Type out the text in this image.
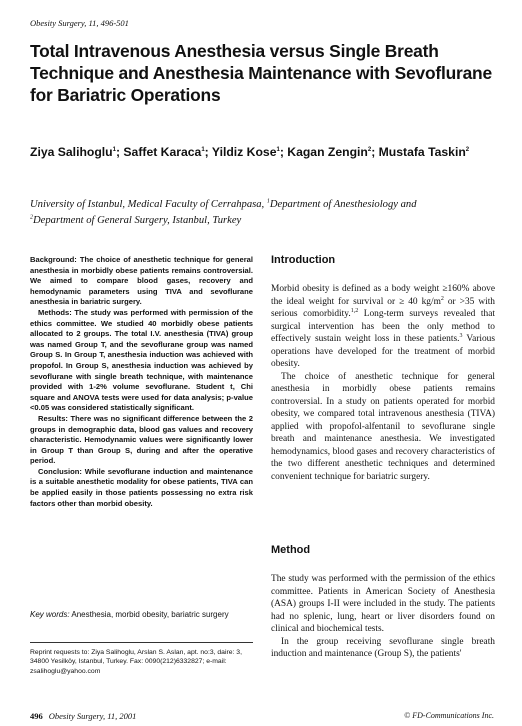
Obesity Surgery, 11, 496-501
Total Intravenous Anesthesia versus Single Breath Technique and Anesthesia Maintenance with Sevoflurane for Bariatric Operations
Ziya Salihoglu$^1$; Saffet Karaca$^1$; Yildiz Kose$^1$; Kagan Zengin$^2$; Mustafa Taskin$^2$
University of Istanbul, Medical Faculty of Cerrahpasa, $^1$Department of Anesthesiology and
$^2$Department of General Surgery, Istanbul, Turkey

Background: The choice of anesthetic technique for general anesthesia in morbidly obese patients remains controversial. We aimed to compare blood gases, recovery and hemodynamic parameters using TIVA and sevoflurane anesthesia in bariatric surgery.

Methods: The study was performed with permission of the ethics committee. We studied 40 morbidly obese patients allocated to 2 groups. The total I.V. anesthesia (TIVA) group was named Group T, and the sevoflurane group was named Group S. In Group T, anesthesia induction was achieved with propofol. In Group S, anesthesia induction was achieved by sevoflurane with single breath technique, with maintenance provided with 1-2% volume sevoflurane. Student t, Chi square and ANOVA tests were used for data analysis; p-value <0.05 was considered statistically significant.

Results: There was no significant difference between the 2 groups in demographic data, blood gas values and recovery characteristic. Hemodynamic values were significantly lower in Group T than Group S, during and after the operative period.

Conclusion: While sevoflurane induction and maintenance is a suitable anesthetic modality for obese patients, TIVA can be applied easily in those patients possessing no extra risk factors other than morbid obesity.

Key words: Anesthesia, morbid obesity, bariatric surgery
Reprint requests to: Ziya Salihoglu, Arslan S. Aslan, apt. no:3, daire: 3, 34800 Yesilköy, Istanbul, Turkey. Fax: 0090(212)6332827; e-mail: zsalihoglu@yahoo.com
Introduction

Morbid obesity is defined as a body weight ≥160% above the ideal weight for survival or ≥ 40 $kg/m^2$ or >35 with serious comorbidity.$^{1,2}$ Long-term surveys revealed that surgical intervention has been the only method to effectively sustain weight loss in these patients.$^3$ Various operations have developed for the treatment of morbid obesity.

The choice of anesthetic technique for general anesthesia in morbidly obese patients remains controversial. In a study on patients operated for morbid obesity, we compared total intravenous anesthesia (TIVA) applied with propofol-alfentanil to sevoflurane single breath and maintenance anesthesia. We investigated hemodynamics, blood gases and recovery characteristics of the two different anesthetic techniques and determined convenient technique for bariatric surgery.

Method

The study was performed with the permission of the ethics committee. Patients in American Society of Anesthesia (ASA) groups I-II were included in the study. The patients had no splenic, lung, heart or liver disorders found on clinical and biochemical tests.

In the group receiving sevoflurane single breath induction and maintenance (Group S), the patients'

496 Obesity Surgery, 11, 2001	© FD-Communications Inc.
